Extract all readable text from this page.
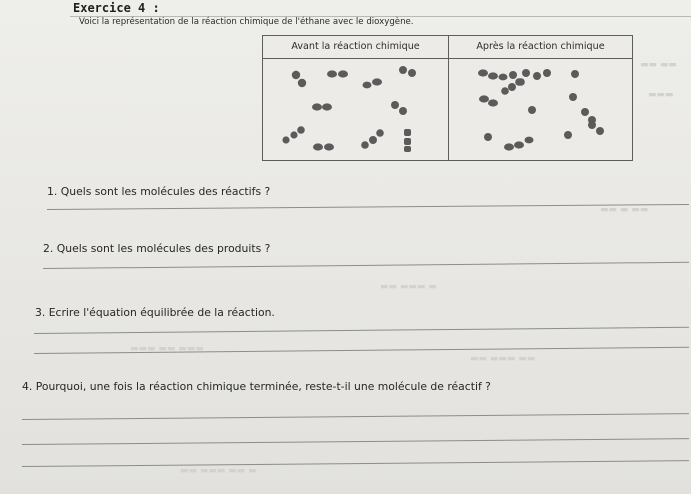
▬▬ ▬▬
▬▬▬
▬▬ ▬ ▬▬
▬▬ ▬▬▬ ▬
▬▬▬ ▬▬ ▬▬▬
▬▬ ▬▬▬ ▬▬
▬▬ ▬▬▬ ▬▬ ▬
Exercice 4 :
Voici la représentation de la réaction chimique de l'éthane avec le dioxygène.
Avant la réaction chimique	Après la réaction chimique
1. Quels sont les molécules des réactifs ?
2. Quels sont les molécules des produits ?
3. Ecrire l'équation équilibrée de la réaction.
4. Pourquoi, une fois la réaction chimique terminée, reste-t-il une molécule de réactif ?
